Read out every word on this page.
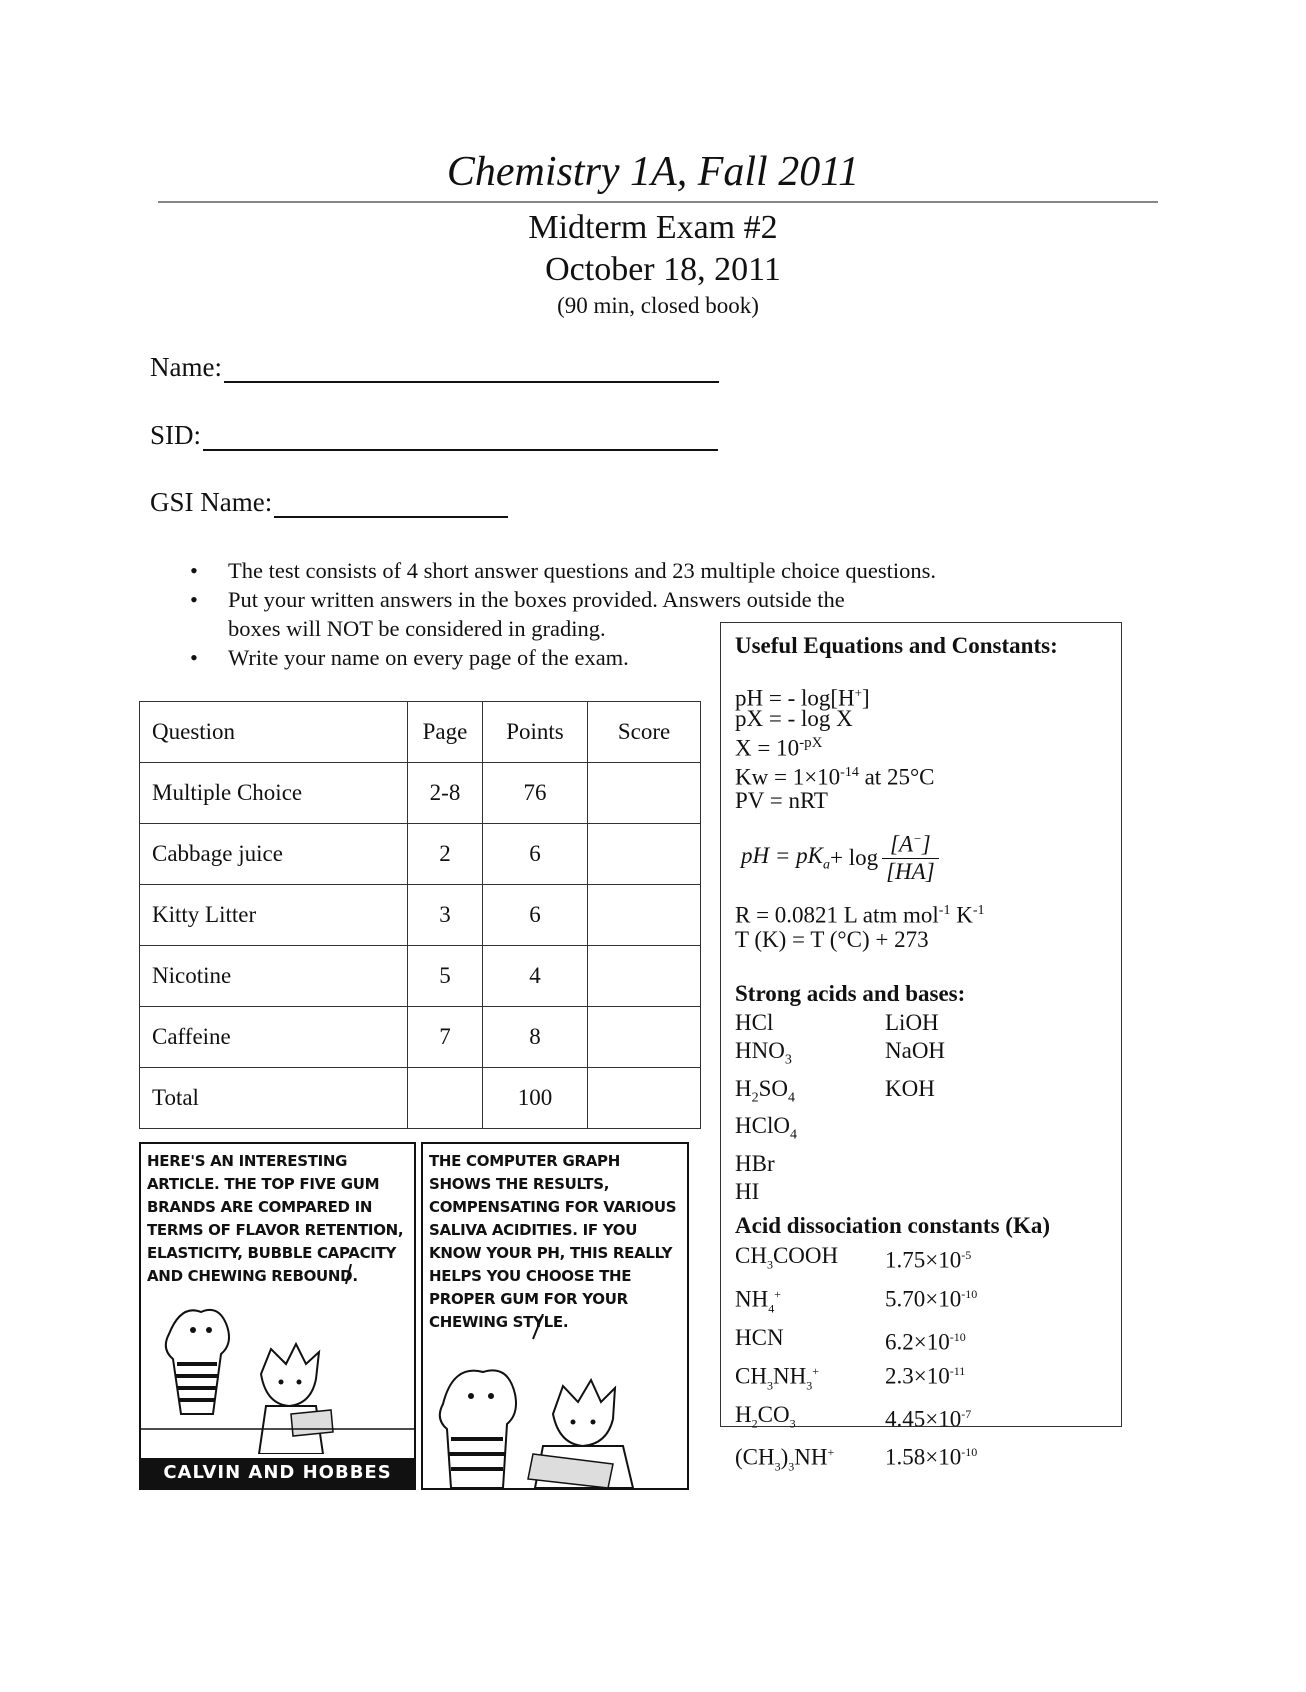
Chemistry 1A, Fall 2011
Midterm Exam #2
October 18, 2011
(90 min, closed book)
Name:
SID:
GSI Name:
• The test consists of 4 short answer questions and 23 multiple choice questions.
• Put your written answers in the boxes provided. Answers outside the boxes will NOT be considered in grading.
• Write your name on every page of the exam.
Question	Page	Points	Score
Multiple Choice	2-8	76	
Cabbage juice	2	6	
Kitty Litter	3	6	
Nicotine	5	4	
Caffeine	7	8	
Total		100	
Useful Equations and Constants:
pH = - log[H+]
pX = - log X
$X = 10^{-pX}$
$Kw = 1\times 10^{-14}$ at 25°C
PV = nRT
pH = $pK_a + \log$
[A−]
[HA]
R = 0.0821 L atm mol$^{-1}$ $K^{-1}$
T (K) = T (°C) + 273
Strong acids and bases:
HCl	LiOH
$HNO_3$	NaOH
$H_2SO_4$	KOH
HClO$_4$
HBr
HI
Acid dissociation constants (Ka)
$CH_3COOH$	$1.75\times 10^{-5}$
$NH_4^+$	$5.70\times 10^{-10}$
HCN	$6.2\times 10^{-10}$
$CH_3NH_3^+$	$2.3\times 10^{-11}$
$H_2CO_3$	$4.45\times 10^{-7}$
$(CH_3)_3NH^+$	$1.58\times 10^{-10}$
HERE'S AN INTERESTING ARTICLE. THE TOP FIVE GUM BRANDS ARE COMPARED IN TERMS OF FLAVOR RETENTION, ELASTICITY, BUBBLE CAPACITY AND CHEWING REBOUND.
CALVIN AND HOBBES
THE COMPUTER GRAPH SHOWS THE RESULTS, COMPENSATING FOR VARIOUS SALIVA ACIDITIES. IF YOU KNOW YOUR PH, THIS REALLY HELPS YOU CHOOSE THE PROPER GUM FOR YOUR CHEWING STYLE.
